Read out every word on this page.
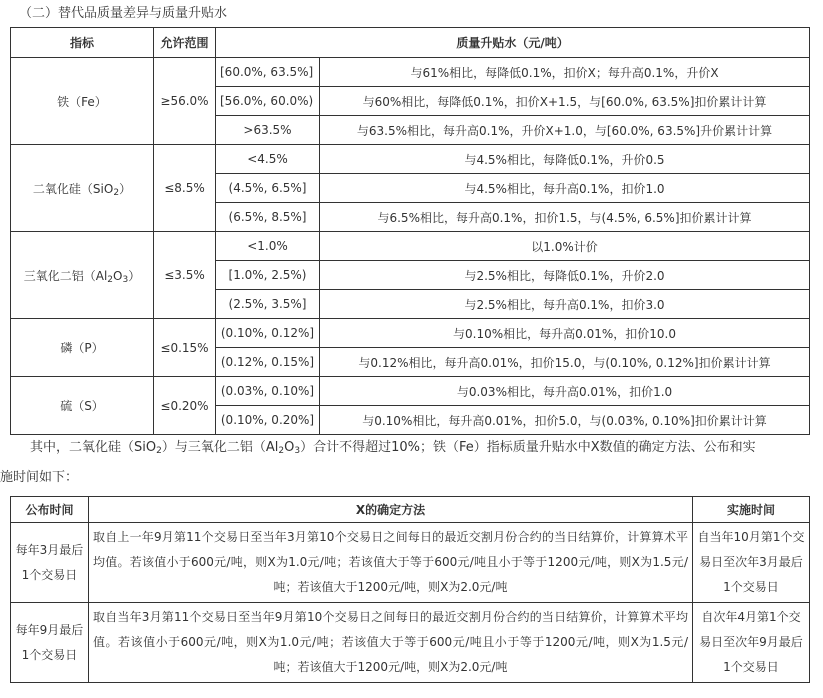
（二）替代品质量差异与质量升贴水
指标	允许范围	质量升贴水（元/吨）	
铁（Fe）	≥56.0%	[60.0%, 63.5%]	与61%相比，每降低0.1%，扣价X；每升高0.1%，升价X
		[56.0%, 60.0%)	与60%相比，每降低0.1%，扣价X+1.5，与[60.0%, 63.5%]扣价累计计算
		>63.5%	与63.5%相比，每升高0.1%，升价X+1.0，与[60.0%, 63.5%]升价累计计算
二氧化硅（SiO$_2$）	≤8.5%	<4.5%	与4.5%相比，每降低0.1%，升价0.5
		(4.5%, 6.5%]	与4.5%相比，每升高0.1%，扣价1.0
		(6.5%, 8.5%]	与6.5%相比，每升高0.1%，扣价1.5，与(4.5%, 6.5%]扣价累计计算
三氧化二铝$(Al_2O_3)$	≤3.5%	<1.0%	以1.0%计价
		[1.0%, 2.5%)	与2.5%相比，每降低0.1%，升价2.0
		(2.5%, 3.5%]	与2.5%相比，每升高0.1%，扣价3.0
磷（P）	≤0.15%	(0.10%, 0.12%]	与0.10%相比，每升高0.01%，扣价10.0
		(0.12%, 0.15%]	与0.12%相比，每升高0.01%，扣价15.0，与(0.10%, 0.12%]扣价累计计算
硫（S）	≤0.20%	(0.03%, 0.10%]	与0.03%相比，每升高0.01%，扣价1.0
		(0.10%, 0.20%]	与0.10%相比，每升高0.01%，扣价5.0，与(0.03%, 0.10%]扣价累计计算
其中，二氧化硅（SiO$_2$）与三氧化二铝$(Al_2O_3)$合计不得超过10%；铁（Fe）指标质量升贴水中X数值的确定方法、公布和实
施时间如下：
公布时间	X的确定方法	实施时间
每年3月最后1个交易日	取自上一年9月第11个交易日至当年3月第10个交易日之间每日的最近交割月份合约的当日结算价，计算算术平均值。若该值小于600元/吨，则X为1.0元/吨；若该值大于等于600元/吨且小于等于1200元/吨，则X为1.5元/吨；若该值大于1200元/吨，则X为2.0元/吨	自当年10月第1个交易日至次年3月最后1个交易日
每年9月最后1个交易日	取自当年3月第11个交易日至当年9月第10个交易日之间每日的最近交割月份合约的当日结算价，计算算术平均值。若该值小于600元/吨，则X为1.0元/吨；若该值大于等于600元/吨且小于等于1200元/吨，则X为1.5元/吨；若该值大于1200元/吨，则X为2.0元/吨	自次年4月第1个交易日至次年9月最后1个交易日
